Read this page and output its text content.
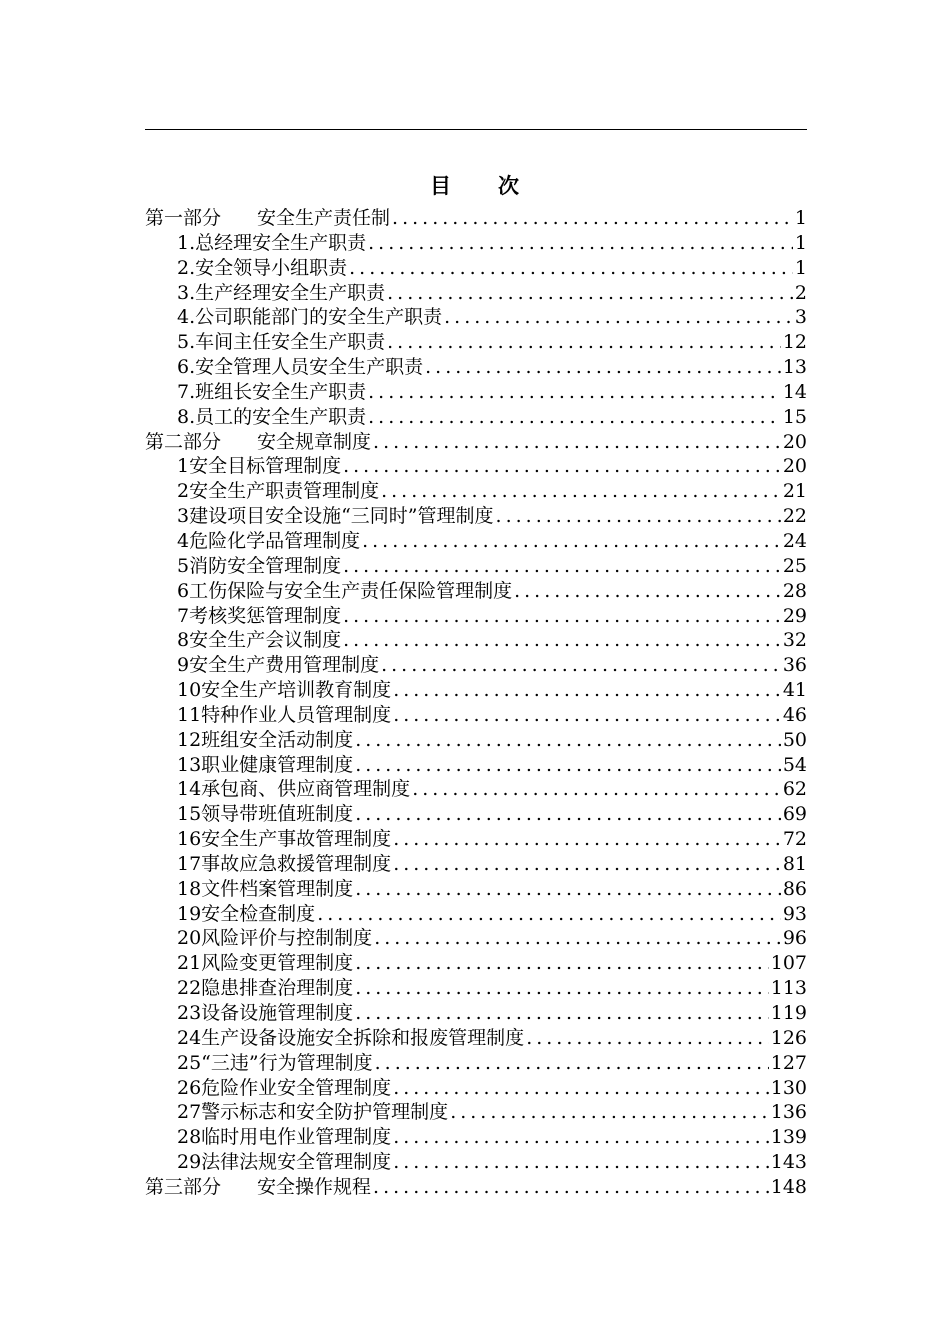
目 次
第一部分 安全生产责任制 .....	1
1.总经理安全生产职责 .....	1
2.安全领导小组职责 .....	1
3.生产经理安全生产职责 .....	2
4.公司职能部门的安全生产职责 .....	3
5.车间主任安全生产职责 .....	12
6.安全管理人员安全生产职责 .....	13
7.班组长安全生产职责 .....	14
8.员工的安全生产职责 .....	15
第二部分 安全规章制度 .....	20
1安全目标管理制度 .....	20
2安全生产职责管理制度 .....	21
3建设项目安全设施“三同时”管理制度 .....	22
4危险化学品管理制度 .....	24
5消防安全管理制度 .....	25
6工伤保险与安全生产责任保险管理制度 .....	28
7考核奖惩管理制度 .....	29
8安全生产会议制度 .....	32
9安全生产费用管理制度 .....	36
10安全生产培训教育制度 .....	41
11特种作业人员管理制度 .....	46
12班组安全活动制度 .....	50
13职业健康管理制度 .....	54
14承包商、供应商管理制度 .....	62
15领导带班值班制度 .....	69
16安全生产事故管理制度 .....	72
17事故应急救援管理制度 .....	81
18文件档案管理制度 .....	86
19安全检查制度 .....	93
20风险评价与控制制度 .....	96
21风险变更管理制度 .....	107
22隐患排查治理制度 .....	113
23设备设施管理制度 .....	119
24生产设备设施安全拆除和报废管理制度 .....	126
25“三违”行为管理制度 .....	127
26危险作业安全管理制度 .....	130
27警示标志和安全防护管理制度 .....	136
28临时用电作业管理制度 .....	139
29法律法规安全管理制度 .....	143
第三部分 安全操作规程 .....	148
